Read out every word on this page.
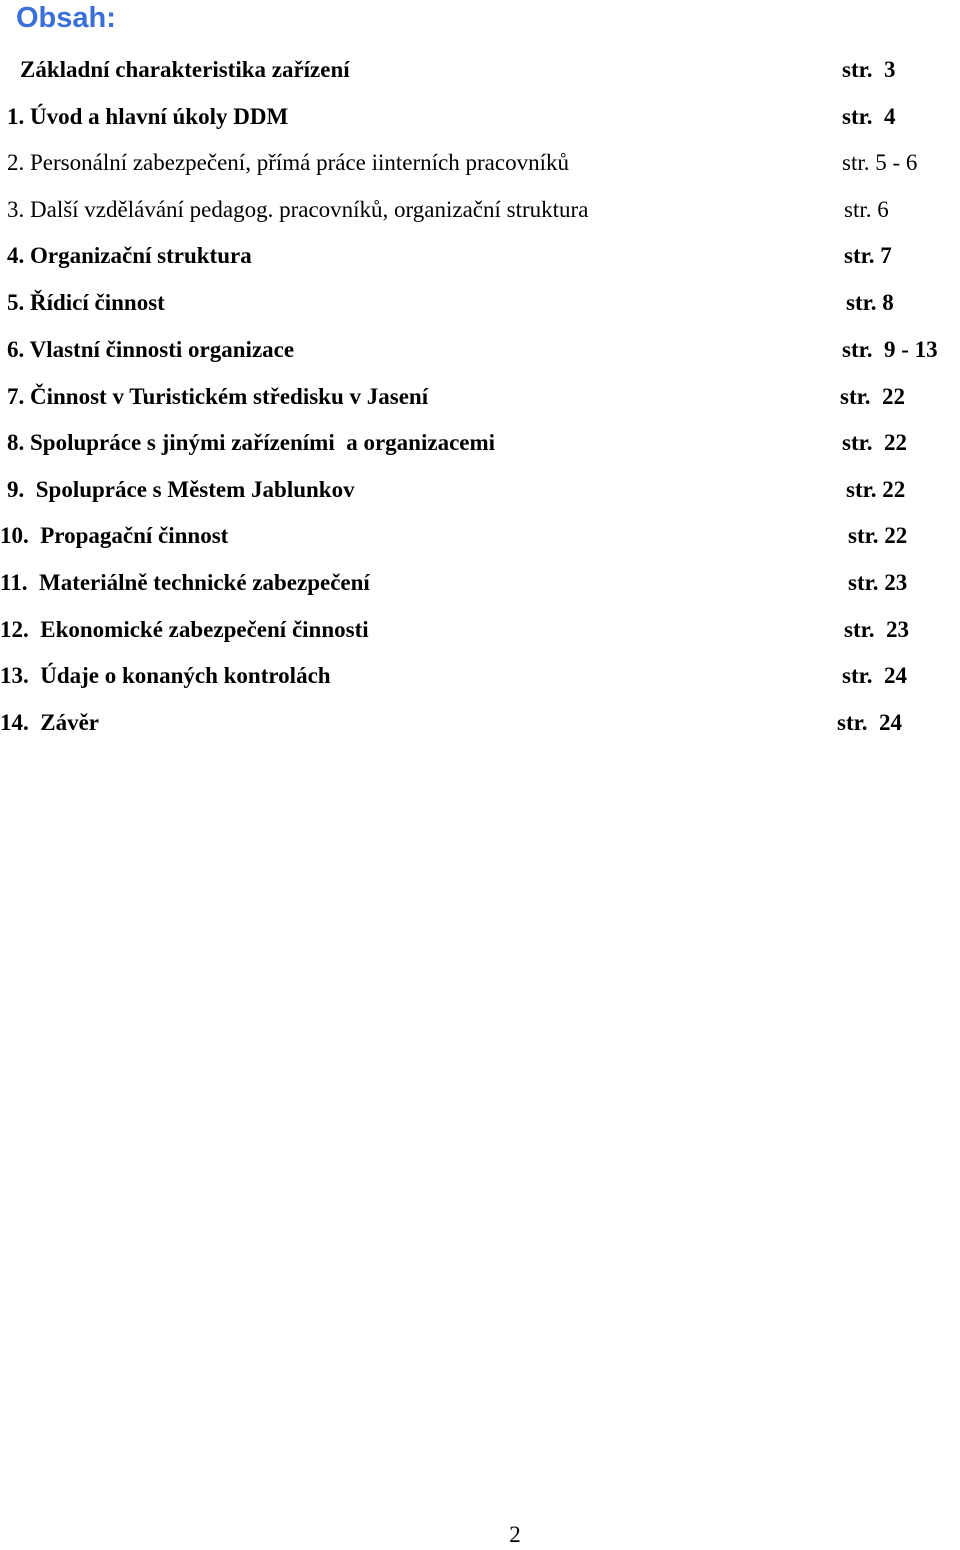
Obsah:
Základní charakteristika zařízení	str.  3
1. Úvod a hlavní úkoly DDM	str.  4
2. Personální zabezpečení, přímá práce iinterních pracovníků	str. 5 - 6
3. Další vzdělávání pedagog. pracovníků, organizační struktura	str. 6
4. Organizační struktura	str. 7
5. Řídicí činnost	str. 8
6. Vlastní činnosti organizace	str.  9 - 13
7. Činnost v Turistickém středisku v Jasení	str.  22
8. Spolupráce s jinými zařízeními  a organizacemi	str.  22
9.  Spolupráce s Městem Jablunkov	str. 22
10.  Propagační činnost	str. 22
11.  Materiálně technické zabezpečení	str. 23
12.  Ekonomické zabezpečení činnosti	str.  23
13.  Údaje o konaných kontrolách	str.  24
14.  Závěr	str.  24
2
